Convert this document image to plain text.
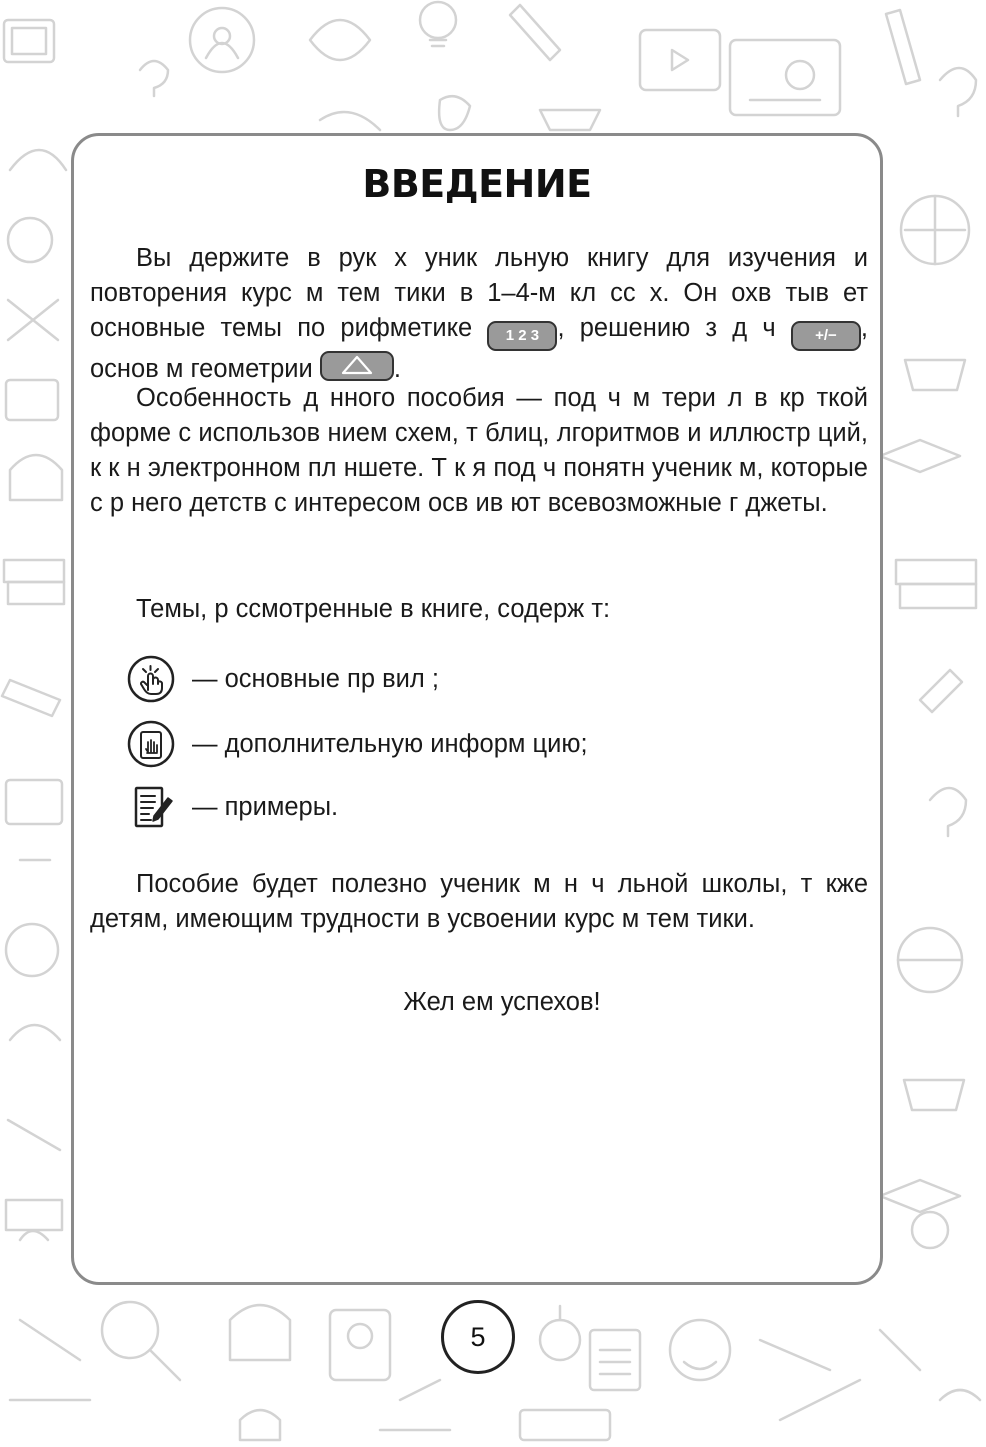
ВВЕДЕНИЕ

Вы держите в рук х уник льную книгу для изучения и повторения курс м тем тики в 1–4-м кл сс х. Он охв тыв ет основные темы по рифметике 1 2 3 , решению з д ч	+/− , основ м геометрии	.

Особенность д нного пособия — под ч м тери л в кр ткой форме с использов нием схем, т блиц, лгоритмов и иллюстр ций, к к н электронном пл ншете. Т к я под ч понятн ученик м, которые с р него детств с интересом осв ив ют всевозможные г джеты.

Темы, р ссмотренные в книге, содерж т:

— основные пр вил ;
— дополнительную информ цию;
— примеры.

Пособие будет полезно ученик м н ч льной школы, т кже детям, имеющим трудности в усвоении курс м тем тики.

Жел ем успехов!

5
